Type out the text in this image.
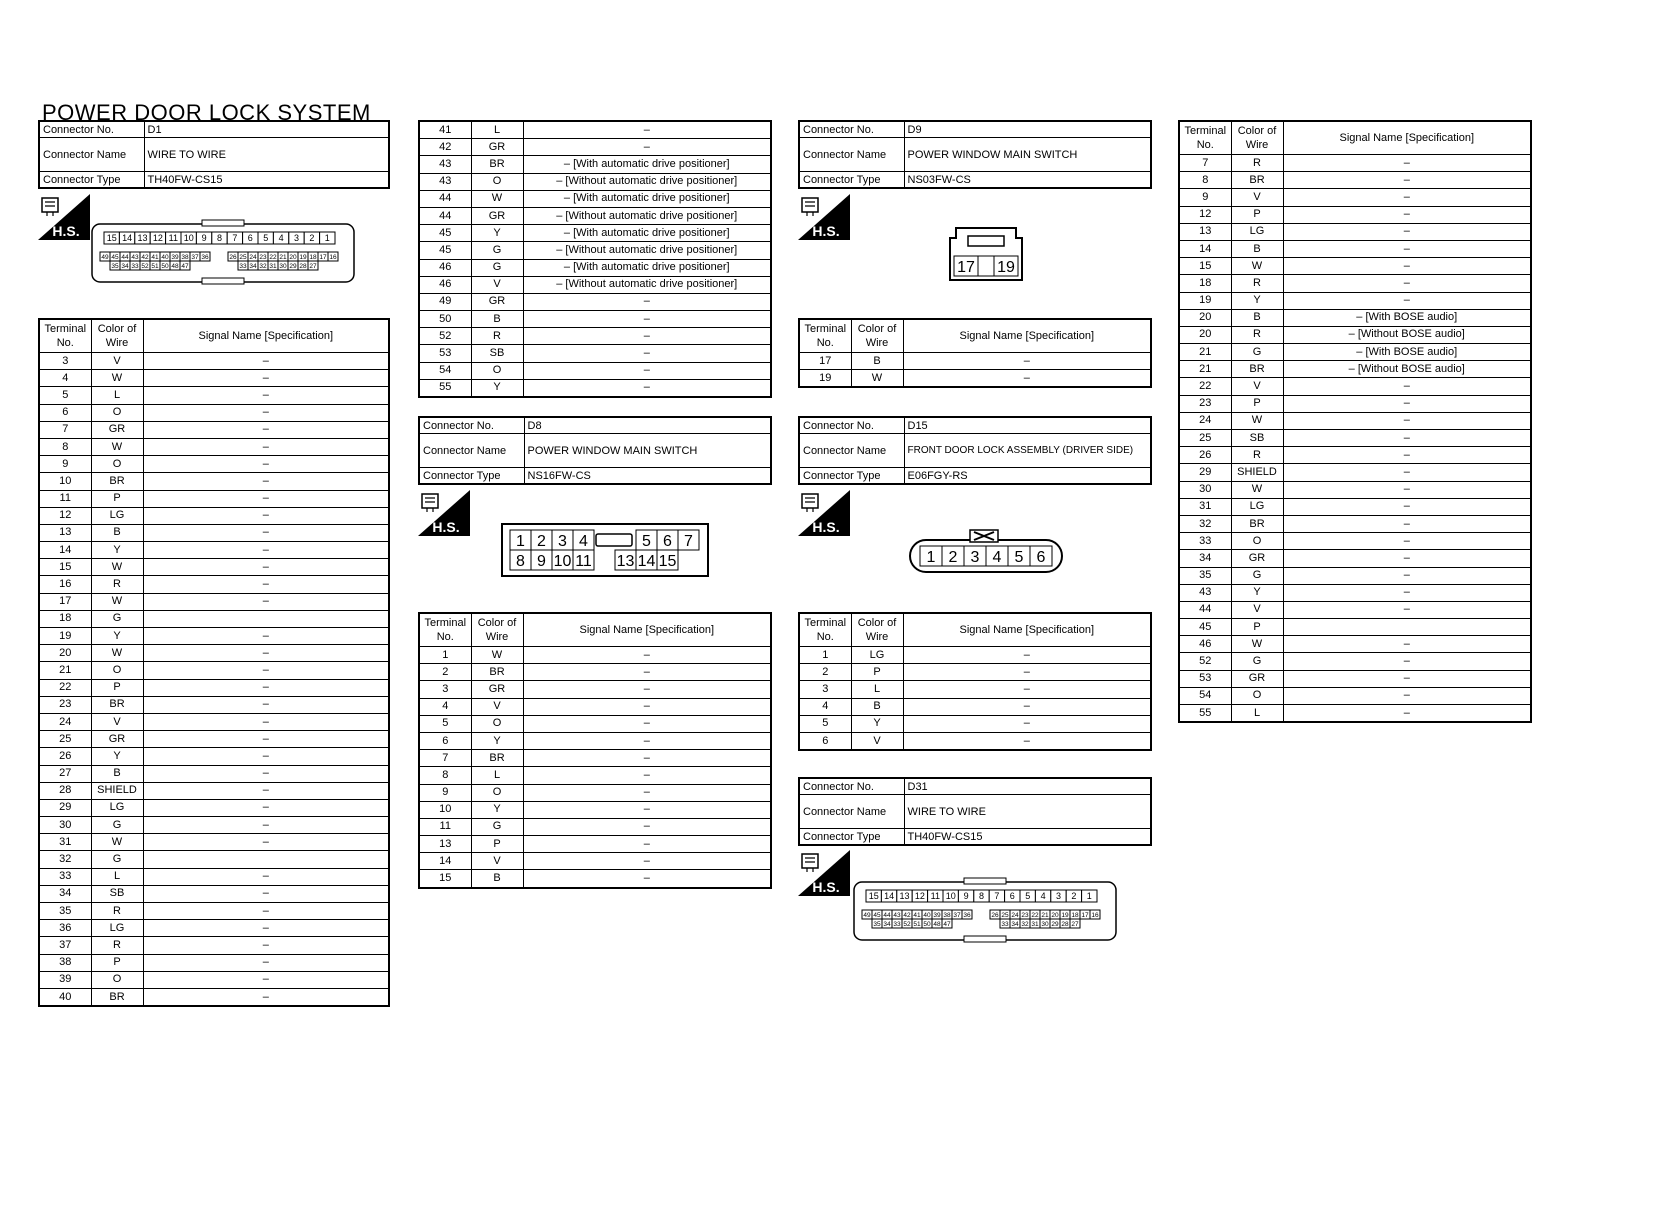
POWER DOOR LOCK SYSTEM
Connector No.	D1
Connector Name	WIRE TO WIRE
Connector Type	TH40FW-CS15
H.S.	15 14 13 12 11 10 9 8 7 6 5 4 3 2 1
49 45 44 43 42 41 40 39 38 37 36	26 25 24 23 22 21 20 19 18 17 16
35 34 33 52 51 50 48 47	33 34 32 31 30 29 28 27
Terminal No.	Color of Wire	Signal Name [Specification]
3	V	–
4	W	–
5	L	–
6	O	–
7	GR	–
8	W	–
9	O	–
10	BR	–
11	P	–
12	LG	–
13	B	–
14	Y	–
15	W	–
16	R	–
17	W	–
18	G	
19	Y	–
20	W	–
21	O	–
22	P	–
23	BR	–
24	V	–
25	GR	–
26	Y	–
27	B	–
28	SHIELD	–
29	LG	–
30	G	–
31	W	–
32	G	
33	L	–
34	SB	–
35	R	–
36	LG	–
37	R	–
38	P	–
39	O	–
40	BR	–
41	L	–
42	GR	–
43	BR	– [With automatic drive positioner]
43	O	– [Without automatic drive positioner]
44	W	– [With automatic drive positioner]
44	GR	– [Without automatic drive positioner]
45	Y	– [With automatic drive positioner]
45	G	– [Without automatic drive positioner]
46	G	– [With automatic drive positioner]
46	V	– [Without automatic drive positioner]
49	GR	–
50	B	–
52	R	–
53	SB	–
54	O	–
55	Y	–
Connector No.	D8
Connector Name	POWER WINDOW MAIN SWITCH
Connector Type	NS16FW-CS
H.S.
1 2 3 4	5 6 7
8 9 10 11 13 14 15
Terminal No.	Color of Wire	Signal Name [Specification]
1	W	–
2	BR	–
3	GR	–
4	V	–
5	O	–
6	Y	–
7	BR	–
8	L	–
9	O	–
10	Y	–
11	G	–
13	P	–
14	V	–
15	B	–
Connector No.	D9
Connector Name	POWER WINDOW MAIN SWITCH
Connector Type	NS03FW-CS
H.S.
17 19
Terminal No.	Color of Wire	Signal Name [Specification]
17	B	–
19	W	–
Connector No.	D15
Connector Name	FRONT DOOR LOCK ASSEMBLY (DRIVER SIDE)
Connector Type	E06FGY-RS
H.S.
1 2 3 4 5 6
Terminal No.	Color of Wire	Signal Name [Specification]
1	LG	–
2	P	–
3	L	–
4	B	–
5	Y	–
6	V	–
Connector No.	D31
Connector Name	WIRE TO WIRE
Connector Type	TH40FW-CS15
H.S.
15 14 13 12 11 10 9 8 7 6 5 4 3 2 1
49 45 44 43 42 41 40 39 38 37 36	26 25 24 23 22 21 20 19 18 17 16
35 34 33 52 51 50 48 47	33 34 32 31 30 29 28 27
Terminal No.	Color of Wire	Signal Name [Specification]
7	R	–
8	BR	–
9	V	–
12	P	–
13	LG	–
14	B	–
15	W	–
18	R	–
19	Y	–
20	B	– [With BOSE audio]
20	R	– [Without BOSE audio]
21	G	– [With BOSE audio]
21	BR	– [Without BOSE audio]
22	V	–
23	P	–
24	W	–
25	SB	–
26	R	–
29	SHIELD	–
30	W	–
31	LG	–
32	BR	–
33	O	–
34	GR	–
35	G	–
43	Y	–
44	V	–
45	P	
46	W	–
52	G	–
53	GR	–
54	O	–
55	L	–
